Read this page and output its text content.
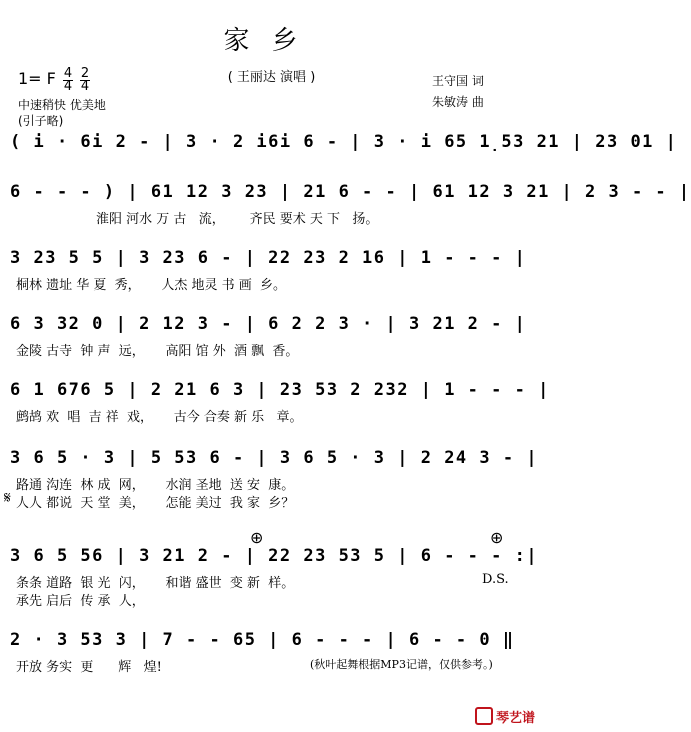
家乡
( 王丽达 演唱 )	王守国 词
朱敏涛 曲
1= F 4
4
2
4
中速稍快 优美地
(引子略)
( i · 6i 2 - | 3 · 2 i6i 6 - | 3 · i 65 1̣53 21 | 23 01 |
6 - - - ) | 61 12 3 23 | 21 6 - - | 61 12 3 21 | 2 3 - - |
淮阳 河水 万 古   流，      齐民 要术 天 下   扬。
3 23 5 5 | 3 23 6 - | 22 23 2 16 | 1 - - - |
桐林 遗址 华 夏  秀，     人杰 地灵 书 画  乡。
6 3 32 0 | 2 12 3 - | 6 2 2 3 · | 3 21 2 - |
金陵 古寺  钟 声  远，     高阳 馆 外  酒 飘  香。
6 1 676 5 | 2 21 6 3 | 23 53 2 232 | 1 - - - |
鹧鸪 欢  唱  吉 祥  戏，     古今 合奏 新 乐   章。
3 6 5 · 3 | 5 53 6 - | 3 6 5 · 3 | 2 24 3 - |
路通 沟连  林 成  网，     水润 圣地  送 安  康。
𝄋 人人 都说  天 堂  美，     怎能 美过  我 家  乡？
⊕	⊕
3 6 5 56 | 3 21 2 - | 22 23 53 5 | 6 - - - :|
条条 道路  银 光  闪，     和谐 盛世  变 新  样。	D.S.
承先 启后  传 承  人，
2 · 3 53 3 | 7 - - 65 | 6 - - - | 6 - - 0 ‖
开放 务实  更      辉   煌!	(秋叶起舞根据MP3记谱，仅供参考。)
琴艺谱
